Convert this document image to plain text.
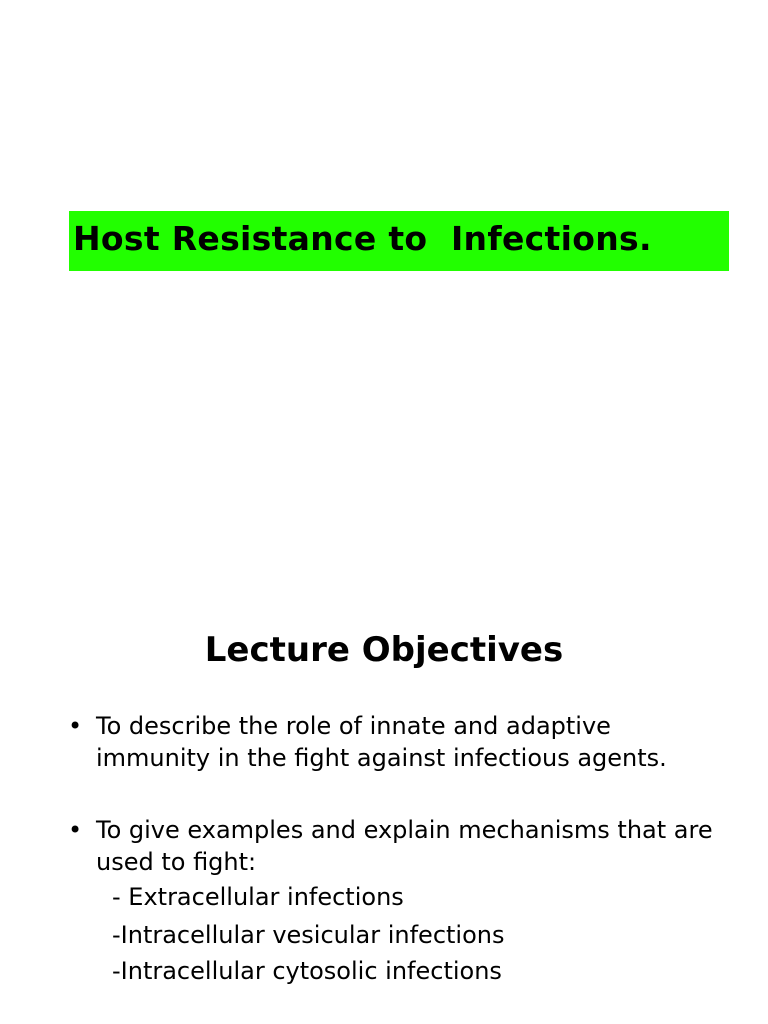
Host Resistance to  Infections.
Lecture Objectives
• To describe the role of innate and adaptive
immunity in the fight against infectious agents.
• To give examples and explain mechanisms that are
used to fight:
- Extracellular infections
-Intracellular vesicular infections
-Intracellular cytosolic infections
